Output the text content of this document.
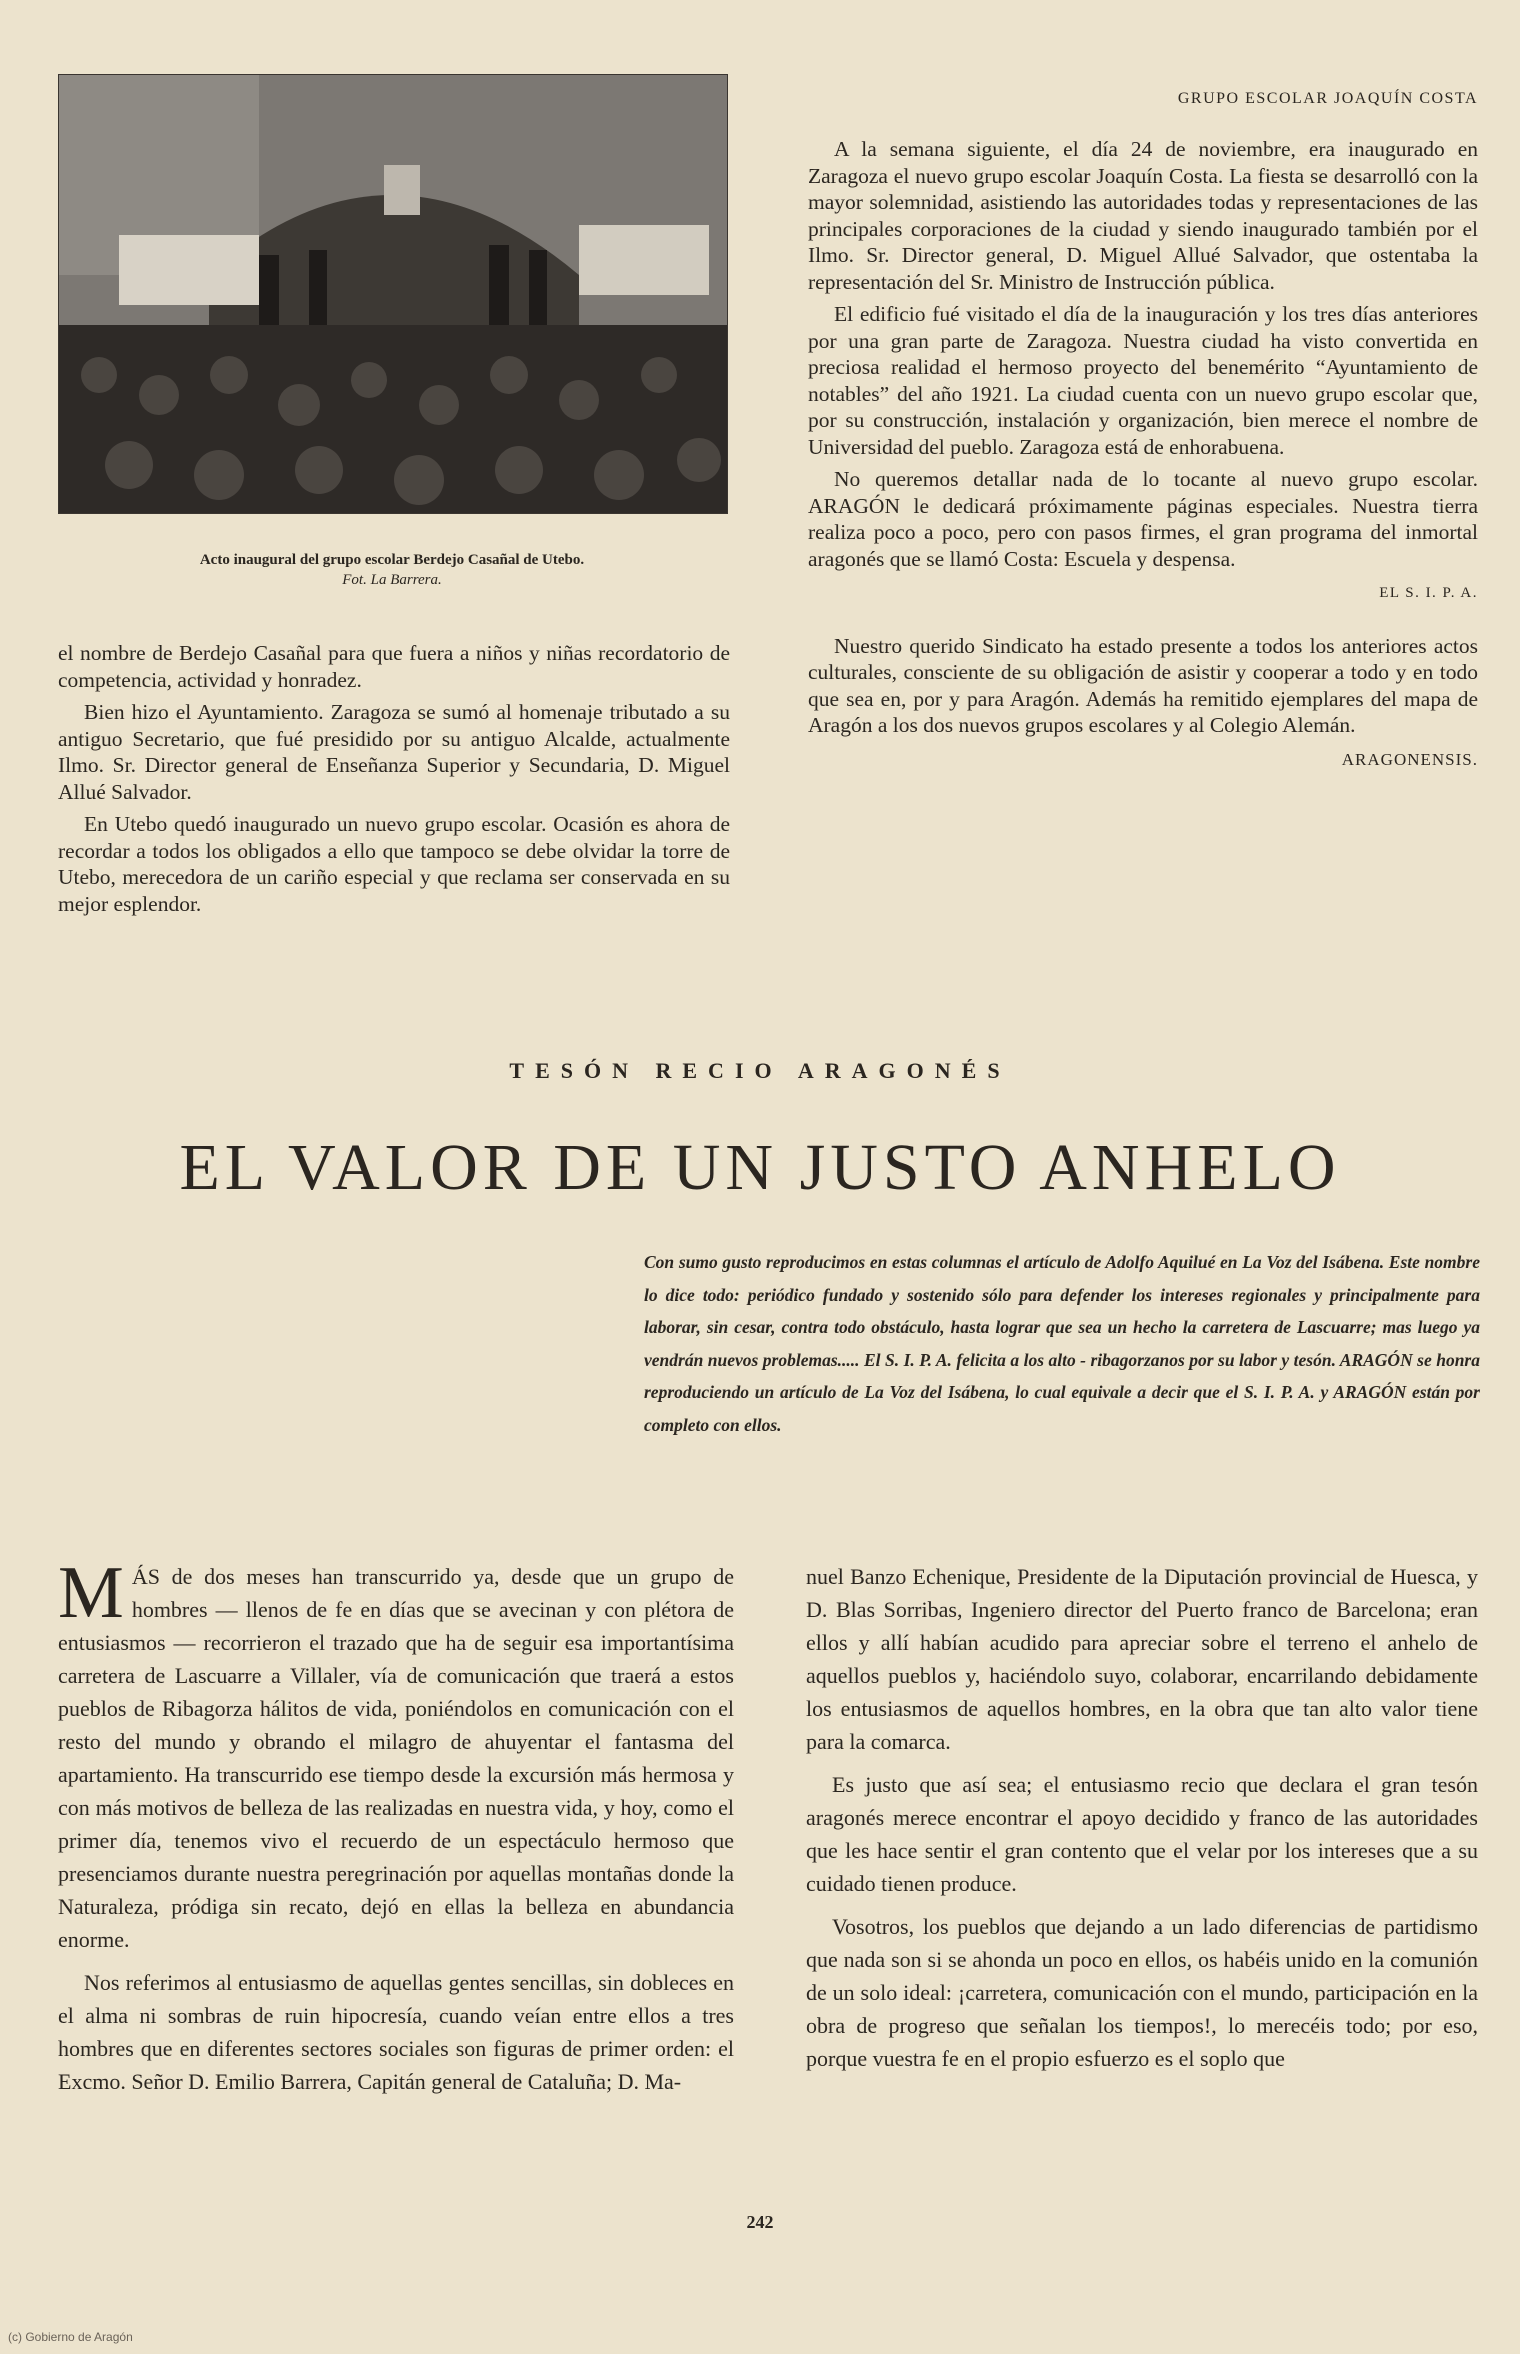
Acto inaugural del grupo escolar Berdejo Casañal de Utebo.
Fot. La Barrera.

el nombre de Berdejo Casañal para que fuera a niños y niñas recordatorio de competencia, actividad y honradez.

Bien hizo el Ayuntamiento. Zaragoza se sumó al homenaje tributado a su antiguo Secretario, que fué presidido por su antiguo Alcalde, actualmente Ilmo. Sr. Director general de Enseñanza Superior y Secundaria, D. Miguel Allué Salvador.

En Utebo quedó inaugurado un nuevo grupo escolar. Ocasión es ahora de recordar a todos los obligados a ello que tampoco se debe olvidar la torre de Utebo, merecedora de un cariño especial y que reclama ser conservada en su mejor esplendor.

GRUPO ESCOLAR JOAQUÍN COSTA

A la semana siguiente, el día 24 de noviembre, era inaugurado en Zaragoza el nuevo grupo escolar Joaquín Costa. La fiesta se desarrolló con la mayor solemnidad, asistiendo las autoridades todas y representaciones de las principales corporaciones de la ciudad y siendo inaugurado también por el Ilmo. Sr. Director general, D. Miguel Allué Salvador, que ostentaba la representación del Sr. Ministro de Instrucción pública.

El edificio fué visitado el día de la inauguración y los tres días anteriores por una gran parte de Zaragoza. Nuestra ciudad ha visto convertida en preciosa realidad el hermoso proyecto del benemérito “Ayuntamiento de notables” del año 1921. La ciudad cuenta con un nuevo grupo escolar que, por su construcción, instalación y organización, bien merece el nombre de Universidad del pueblo. Zaragoza está de enhorabuena.

No queremos detallar nada de lo tocante al nuevo grupo escolar. ARAGÓN le dedicará próximamente páginas especiales. Nuestra tierra realiza poco a poco, pero con pasos firmes, el gran programa del inmortal aragonés que se llamó Costa: Escuela y despensa.

EL S. I. P. A.

Nuestro querido Sindicato ha estado presente a todos los anteriores actos culturales, consciente de su obligación de asistir y cooperar a todo y en todo que sea en, por y para Aragón. Además ha remitido ejemplares del mapa de Aragón a los dos nuevos grupos escolares y al Colegio Alemán.

ARAGONENSIS.
TESÓN RECIO ARAGONÉS
EL VALOR DE UN JUSTO ANHELO
Con sumo gusto reproducimos en estas columnas el artículo de Adolfo Aquilué en La Voz del Isábena. Este nombre lo dice todo: periódico fundado y sostenido sólo para defender los intereses regionales y principalmente para laborar, sin cesar, contra todo obstáculo, hasta lograr que sea un hecho la carretera de Lascuarre; mas luego ya vendrán nuevos problemas..... El S. I. P. A. felicita a los alto - ribagorzanos por su labor y tesón. ARAGÓN se honra reproduciendo un artículo de La Voz del Isábena, lo cual equivale a decir que el S. I. P. A. y ARAGÓN están por completo con ellos.

MÁS de dos meses han transcurrido ya, desde que un grupo de hombres — llenos de fe en días que se avecinan y con plétora de entusiasmos — recorrieron el trazado que ha de seguir esa importantísima carretera de Lascuarre a Villaler, vía de comunicación que traerá a estos pueblos de Ribagorza hálitos de vida, poniéndolos en comunicación con el resto del mundo y obrando el milagro de ahuyentar el fantasma del apartamiento. Ha transcurrido ese tiempo desde la excursión más hermosa y con más motivos de belleza de las realizadas en nuestra vida, y hoy, como el primer día, tenemos vivo el recuerdo de un espectáculo hermoso que presenciamos durante nuestra peregrinación por aquellas montañas donde la Naturaleza, pródiga sin recato, dejó en ellas la belleza en abundancia enorme.

Nos referimos al entusiasmo de aquellas gentes sencillas, sin dobleces en el alma ni sombras de ruin hipocresía, cuando veían entre ellos a tres hombres que en diferentes sectores sociales son figuras de primer orden: el Excmo. Señor D. Emilio Barrera, Capitán general de Cataluña; D. Ma-

nuel Banzo Echenique, Presidente de la Diputación provincial de Huesca, y D. Blas Sorribas, Ingeniero director del Puerto franco de Barcelona; eran ellos y allí habían acudido para apreciar sobre el terreno el anhelo de aquellos pueblos y, haciéndolo suyo, colaborar, encarrilando debidamente los entusiasmos de aquellos hombres, en la obra que tan alto valor tiene para la comarca.

Es justo que así sea; el entusiasmo recio que declara el gran tesón aragonés merece encontrar el apoyo decidido y franco de las autoridades que les hace sentir el gran contento que el velar por los intereses que a su cuidado tienen produce.

Vosotros, los pueblos que dejando a un lado diferencias de partidismo que nada son si se ahonda un poco en ellos, os habéis unido en la comunión de un solo ideal: ¡carretera, comunicación con el mundo, participación en la obra de progreso que señalan los tiempos!, lo merecéis todo; por eso, porque vuestra fe en el propio esfuerzo es el soplo que

242
(c) Gobierno de Aragón
